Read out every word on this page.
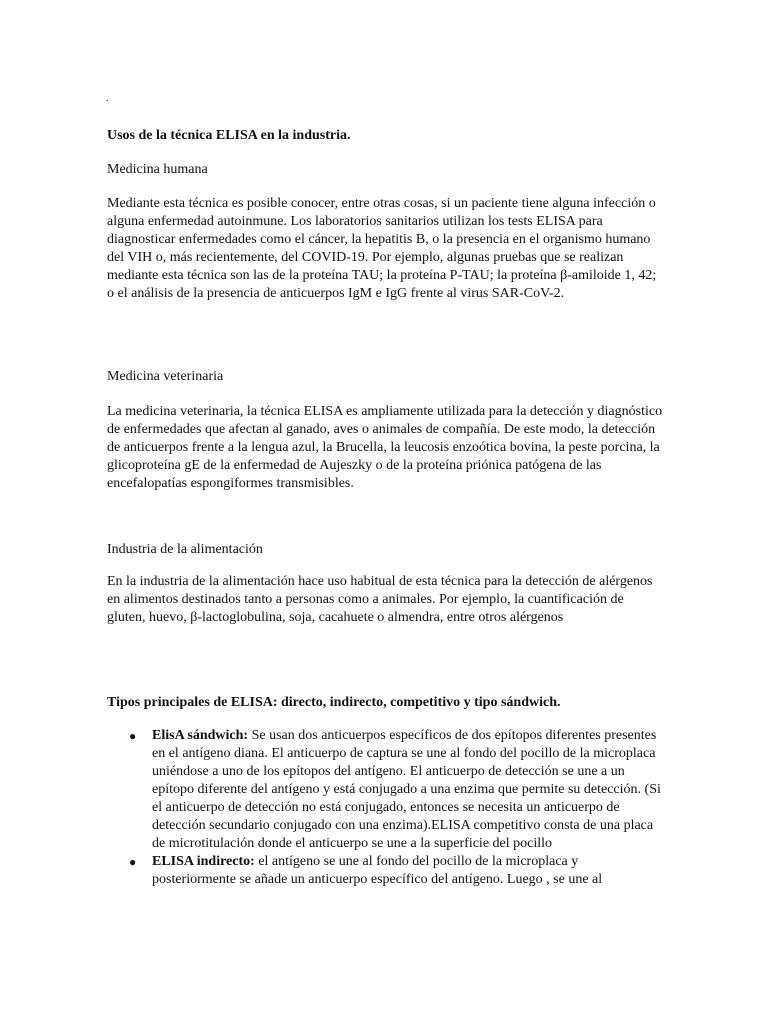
.

Usos de la técnica ELISA en la industria.

Medicina humana

Mediante esta técnica es posible conocer, entre otras cosas, si un paciente tiene alguna infección o alguna enfermedad autoinmune. Los laboratorios sanitarios utilizan los tests ELISA para diagnosticar enfermedades como el cáncer, la hepatitis B, o la presencia en el organismo humano del VIH o, más recientemente, del COVID-19. Por ejemplo, algunas pruebas que se realizan mediante esta técnica son las de la proteína TAU; la proteína P-TAU; la proteína β-amiloide 1, 42; o el análisis de la presencia de anticuerpos IgM e IgG frente al virus SAR-CoV-2.

Medicina veterinaria

La medicina veterinaria, la técnica ELISA es ampliamente utilizada para la detección y diagnóstico de enfermedades que afectan al ganado, aves o animales de compañía. De este modo, la detección de anticuerpos frente a la lengua azul, la Brucella, la leucosis enzoótica bovina, la peste porcina, la glicoproteína gE de la enfermedad de Aujeszky o de la proteína priónica patógena de las encefalopatías espongiformes transmisibles.

Industria de la alimentación

En la industria de la alimentación hace uso habitual de esta técnica para la detección de alérgenos en alimentos destinados tanto a personas como a animales. Por ejemplo, la cuantificación de gluten, huevo, β-lactoglobulina, soja, cacahuete o almendra, entre otros alérgenos

Tipos principales de ELISA: directo, indirecto, competitivo y tipo sándwich.

● ElisA sándwich: Se usan dos anticuerpos específicos de dos epítopos diferentes presentes en el antígeno diana. El anticuerpo de captura se une al fondo del pocillo de la microplaca uniéndose a uno de los epítopos del antígeno. El anticuerpo de detección se une a un epítopo diferente del antígeno y está conjugado a una enzima que permite su detección. (Si el anticuerpo de detección no está conjugado, entonces se necesita un anticuerpo de detección secundario conjugado con una enzima).ELISA competitivo consta de una placa de microtitulación donde el anticuerpo se une a la superficie del pocillo
● ELISA indirecto: el antígeno se une al fondo del pocillo de la microplaca y posteriormente se añade un anticuerpo específico del antígeno. Luego , se une al
